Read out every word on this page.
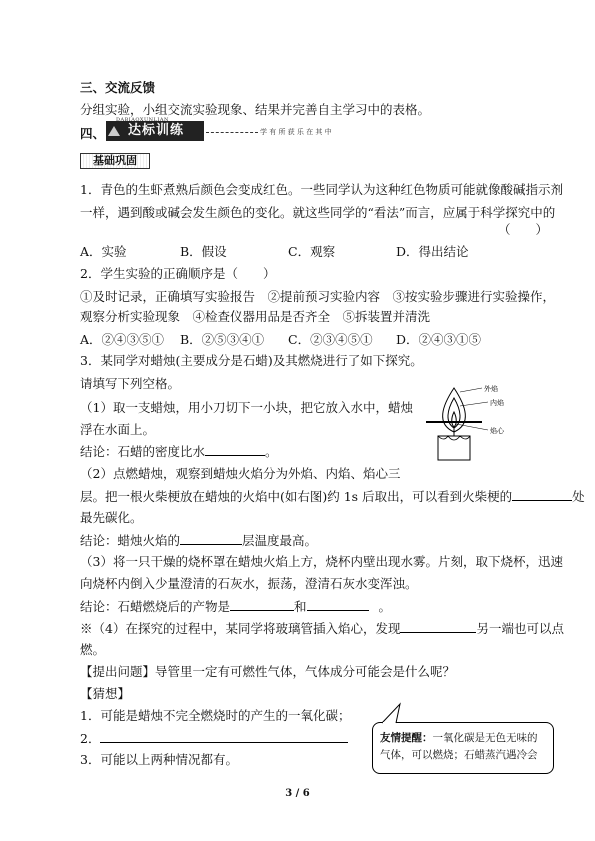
三、交流反馈
分组实验，小组交流实验现象、结果并完善自主学习中的表格。
四、	达标训练
DABIAOXUNLIAN
学 有 所 获 乐 在 其 中
基础巩固
1．青色的生虾煮熟后颜色会变成红色。一些同学认为这种红色物质可能就像酸碱指示剂
一样，遇到酸或碱会发生颜色的变化。就这些同学的“看法”而言，应属于科学探究中的
（　　）
A．实验	B．假设	C．观察	D．得出结论
2．学生实验的正确顺序是（　　）
①及时记录，正确填写实验报告　②提前预习实验内容　③按实验步骤进行实验操作，
观察分析实验现象　④检查仪器用品是否齐全　⑤拆装置并清洗
A．②④③⑤① B．②⑤③④① C．②③④⑤① D．②④③①⑤
3．某同学对蜡烛(主要成分是石蜡)及其燃烧进行了如下探究。
请填写下列空格。
（1）取一支蜡烛，用小刀切下一小块，把它放入水中，蜡烛
浮在水面上。
结论：石蜡的密度比水	。
外焰
内焰
焰心
（2）点燃蜡烛，观察到蜡烛火焰分为外焰、内焰、焰心三
层。把一根火柴梗放在蜡烛的火焰中(如右图)约 1s 后取出，可以看到火柴梗的	处
最先碳化。
结论：蜡烛火焰的	层温度最高。
（3）将一只干燥的烧杯罩在蜡烛火焰上方，烧杯内壁出现水雾。片刻，取下烧杯，迅速
向烧杯内倒入少量澄清的石灰水，振荡，澄清石灰水变浑浊。
结论：石蜡燃烧后的产物是	和	。
※（4）在探究的过程中，某同学将玻璃管插入焰心，发现	另一端也可以点
燃。
【提出问题】导管里一定有可燃性气体，气体成分可能会是什么呢？
【猜想】
1．可能是蜡烛不完全燃烧时的产生的一氧化碳；
2．
3．可能以上两种情况都有。
友情提醒：一氧化碳是无色无味的
气体，可以燃烧；石蜡蒸汽遇冷会
3 / 6
